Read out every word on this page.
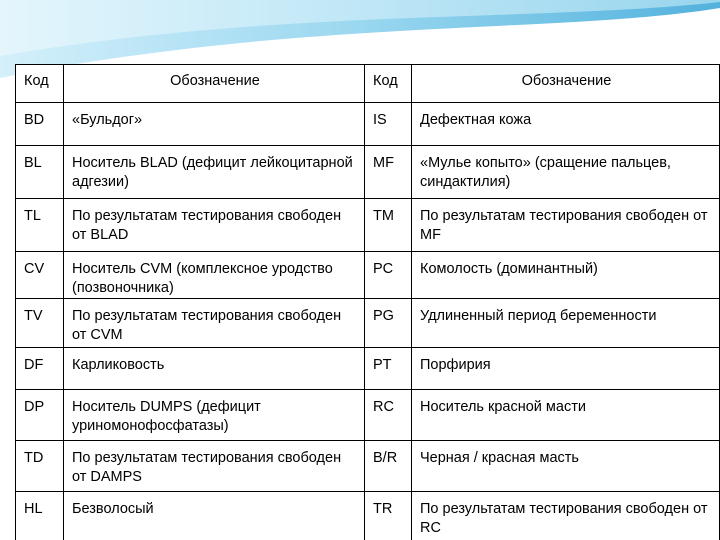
Код	Обозначение	Код	Обозначение
BD	«Бульдог»	IS	Дефектная кожа
BL	Носитель BLAD (дефицит лейкоцитарной адгезии)	MF	«Мулье копыто» (сращение пальцев, синдактилия)
TL	По результатам тестирования свободен от BLAD	TM	По результатам тестирования свободен от MF
CV	Носитель CVM (комплексное уродство (позвоночника)	PC	Комолость (доминантный)
TV	По результатам тестирования свободен от CVM	PG	Удлиненный период беременности
DF	Карликовость	PT	Порфирия
DP	Носитель DUMPS (дефицит уриномонофосфатазы)	RC	Носитель красной масти
TD	По результатам тестирования свободен от DAMPS	B/R	Черная / красная масть
HL	Безволосый	TR	По результатам тестирования свободен от RC
